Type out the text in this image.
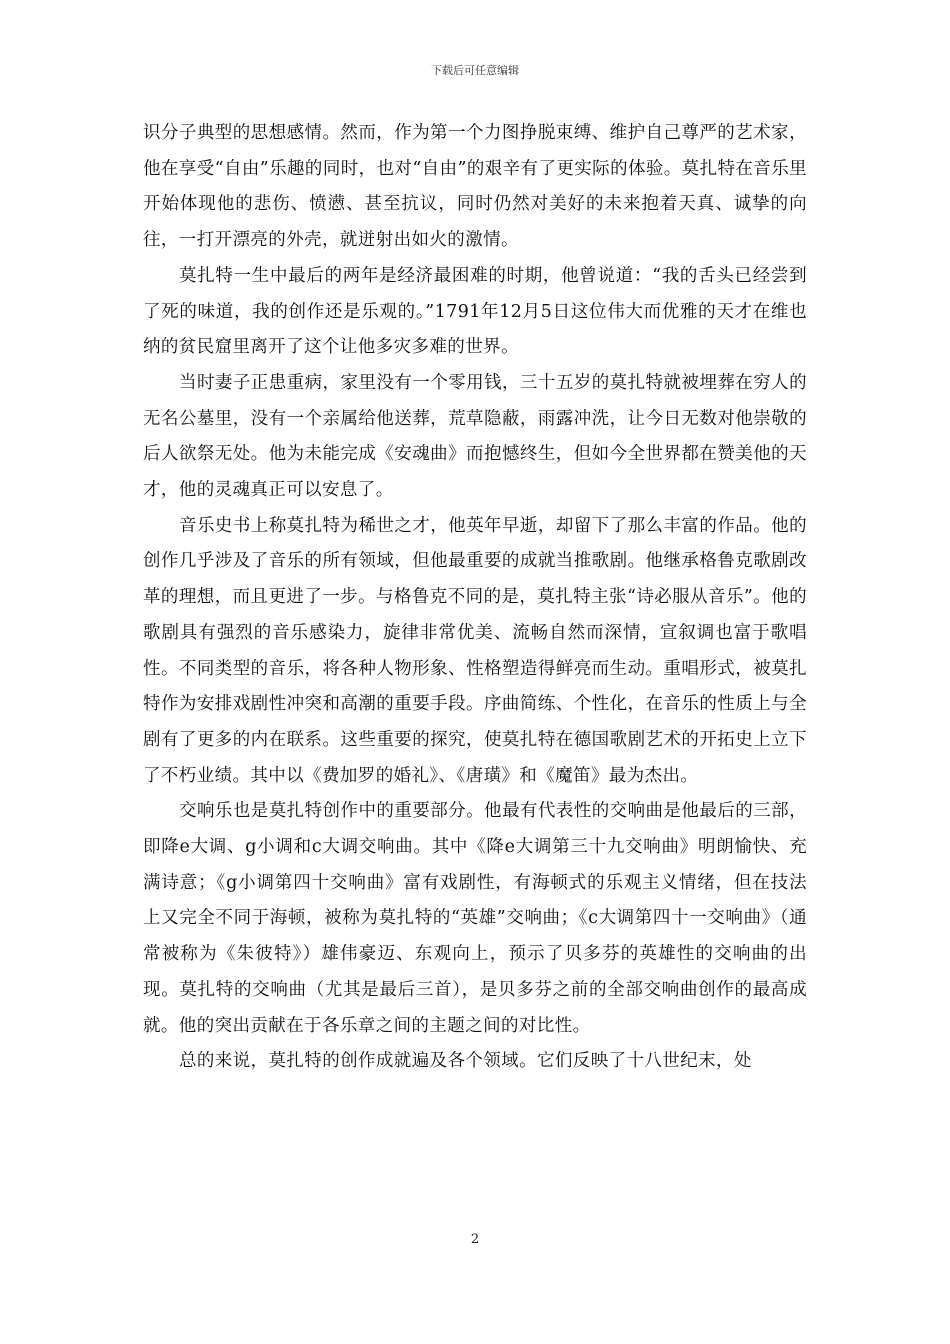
下载后可任意编辑

识分子典型的思想感情。然而，作为第一个力图挣脱束缚、维护自己尊严的艺术家，他在享受“自由”乐趣的同时，也对“自由”的艰辛有了更实际的体验。莫扎特在音乐里开始体现他的悲伤、愤懑、甚至抗议，同时仍然对美好的未来抱着天真、诚挚的向往，一打开漂亮的外壳，就迸射出如火的激情。

莫扎特一生中最后的两年是经济最困难的时期，他曾说道：“我的舌头已经尝到了死的味道，我的创作还是乐观的。”1791年12月5日这位伟大而优雅的天才在维也纳的贫民窟里离开了这个让他多灾多难的世界。

当时妻子正患重病，家里没有一个零用钱，三十五岁的莫扎特就被埋葬在穷人的无名公墓里，没有一个亲属给他送葬，荒草隐蔽，雨露冲洗，让今日无数对他崇敬的后人欲祭无处。他为未能完成《安魂曲》而抱憾终生，但如今全世界都在赞美他的天才，他的灵魂真正可以安息了。

音乐史书上称莫扎特为稀世之才，他英年早逝，却留下了那么丰富的作品。他的创作几乎涉及了音乐的所有领域，但他最重要的成就当推歌剧。他继承格鲁克歌剧改革的理想，而且更进了一步。与格鲁克不同的是，莫扎特主张“诗必服从音乐”。他的歌剧具有强烈的音乐感染力，旋律非常优美、流畅自然而深情，宣叙调也富于歌唱性。不同类型的音乐，将各种人物形象、性格塑造得鲜亮而生动。重唱形式，被莫扎特作为安排戏剧性冲突和高潮的重要手段。序曲简练、个性化，在音乐的性质上与全剧有了更多的内在联系。这些重要的探究，使莫扎特在德国歌剧艺术的开拓史上立下了不朽业绩。其中以《费加罗的婚礼》、《唐璜》和《魔笛》最为杰出。

交响乐也是莫扎特创作中的重要部分。他最有代表性的交响曲是他最后的三部，即降e大调、g小调和c大调交响曲。其中《降e大调第三十九交响曲》明朗愉快、充满诗意；《g小调第四十交响曲》富有戏剧性，有海顿式的乐观主义情绪，但在技法上又完全不同于海顿，被称为莫扎特的“英雄”交响曲；《c大调第四十一交响曲》（通常被称为《朱彼特》）雄伟豪迈、东观向上，预示了贝多芬的英雄性的交响曲的出现。莫扎特的交响曲（尤其是最后三首），是贝多芬之前的全部交响曲创作的最高成就。他的突出贡献在于各乐章之间的主题之间的对比性。

总的来说，莫扎特的创作成就遍及各个领域。它们反映了十八世纪末，处

2
